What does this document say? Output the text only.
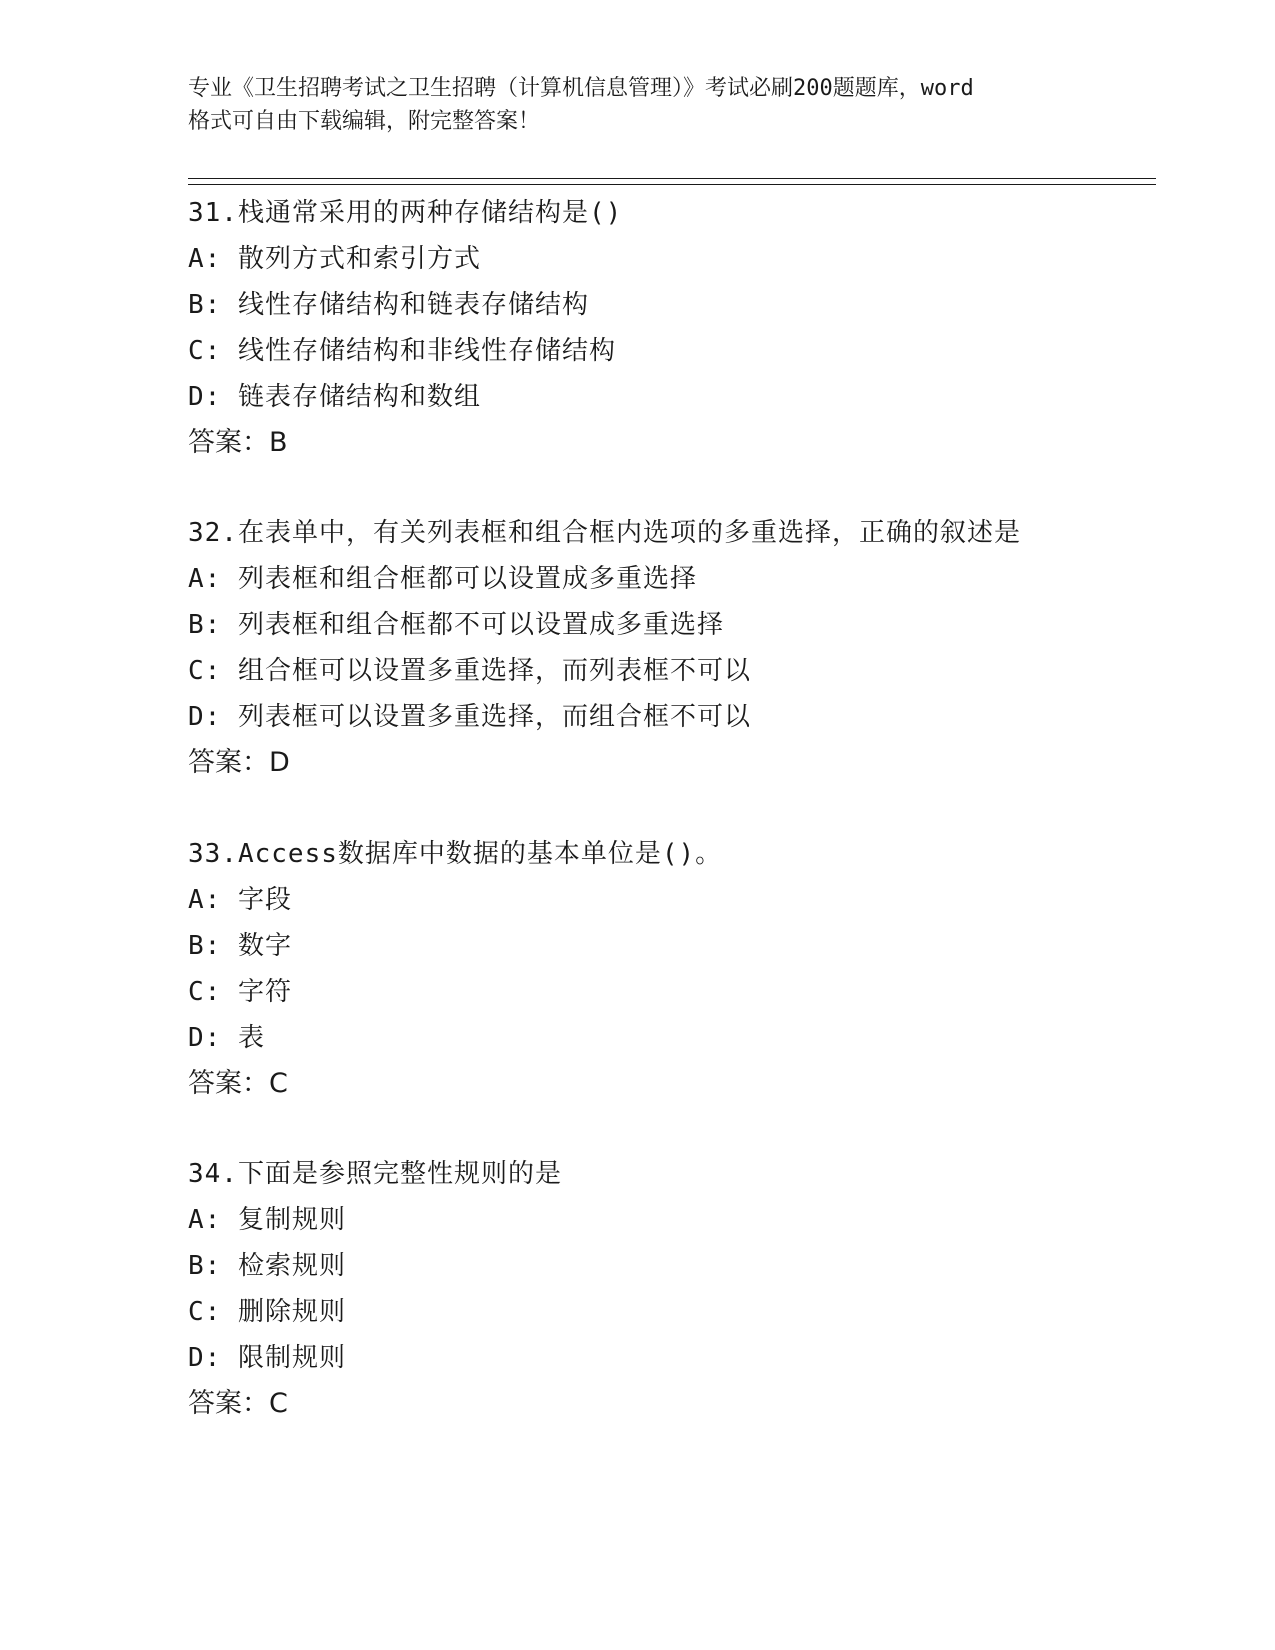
专业《卫生招聘考试之卫生招聘（计算机信息管理）》考试必刷200题题库，word
格式可自由下载编辑，附完整答案！
31.栈通常采用的两种存储结构是()
A: 散列方式和索引方式
B: 线性存储结构和链表存储结构
C: 线性存储结构和非线性存储结构
D: 链表存储结构和数组
答案：B
32.在表单中，有关列表框和组合框内选项的多重选择，正确的叙述是
A: 列表框和组合框都可以设置成多重选择
B: 列表框和组合框都不可以设置成多重选择
C: 组合框可以设置多重选择，而列表框不可以
D: 列表框可以设置多重选择，而组合框不可以
答案：D
33.Access数据库中数据的基本单位是()。
A: 字段
B: 数字
C: 字符
D: 表
答案：C
34.下面是参照完整性规则的是
A: 复制规则
B: 检索规则
C: 删除规则
D: 限制规则
答案：C
